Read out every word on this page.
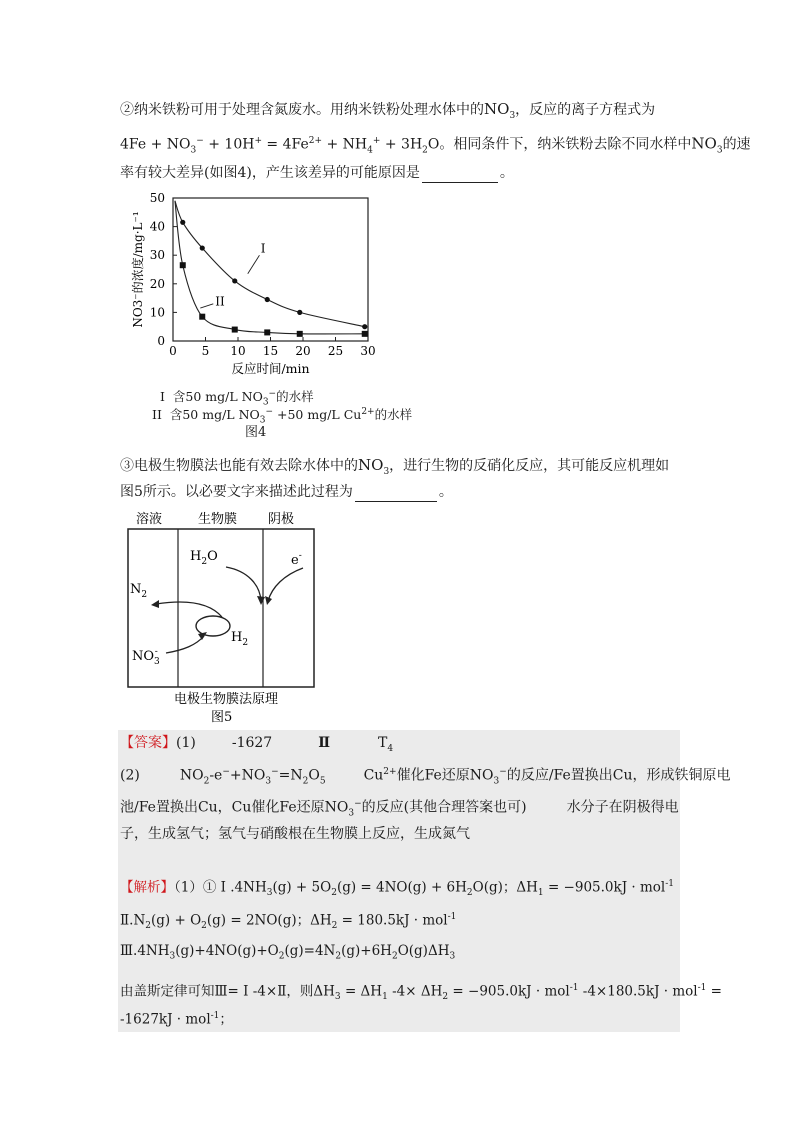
②纳米铁粉可用于处理含氮废水。用纳米铁粉处理水体中的$NO_3$，反应的离子方程式为
$4Fe + NO_3^- + 10H^+ = 4Fe^{2+} + NH_4^+ + 3H_2O$。相同条件下，纳米铁粉去除不同水样中$NO_3$的速
率有较大差异(如图4)，产生该差异的可能原因是	。
0 5 10 15 20 25 30
0
10
20
30
40
50
NO3⁻的浓度/mg·L⁻¹
反应时间/min
I
II
I 含50 mg/L $NO_3^-$的水样
II 含50 mg/L $NO_3^- +50$ mg/L $Cu^{2+}$的水样
图4
③电极生物膜法也能有效去除水体中的$NO_3$，进行生物的反硝化反应，其可能反应机理如
图5所示。以必要文字来描述此过程为	。
溶液	生物膜 阴极
$H_2O$	e-
$N_2$
$H_2$
$NO_3-$
电极生物膜法原理
图5
【答案】(1)	-1627	Ⅱ	$T_4$
(2)	$NO_2-e^-+NO_3^-=N_2O_5$	$Cu^{2+}$催化Fe还原$NO_3^-$的反应/Fe置换出Cu，形成铁铜原电
池/Fe置换出Cu，Cu催化Fe还原$NO_3^-$的反应(其他合理答案也可)	水分子在阴极得电
子，生成氢气；氢气与硝酸根在生物膜上反应，生成氮气
【解析】（1）① Ⅰ $.4NH_3(g) + 5O_2(g) = 4NO(g) + 6H_2O(g)$；$\Delta H_1 = -905.0kJ \cdot mol^{-1}$
$Ⅱ.N_2(g) + O_2(g) = 2NO(g)$；$\Delta H_2 = 180.5kJ \cdot mol^{-1}$
$Ⅲ.4NH_3(g)+4NO(g)+O_2(g)=4N_2(g)+6H_2O(g)\Delta H_3$
由盖斯定律可知Ⅲ= Ⅰ -4×Ⅱ，则$\Delta H_3 = \Delta H_1$ $-4\times \Delta H_2 = -905.0kJ \cdot mol^{-1}$ -4×180.5kJ · mol$^{-1}$ =
-1627kJ · mol$^{-1}$；
